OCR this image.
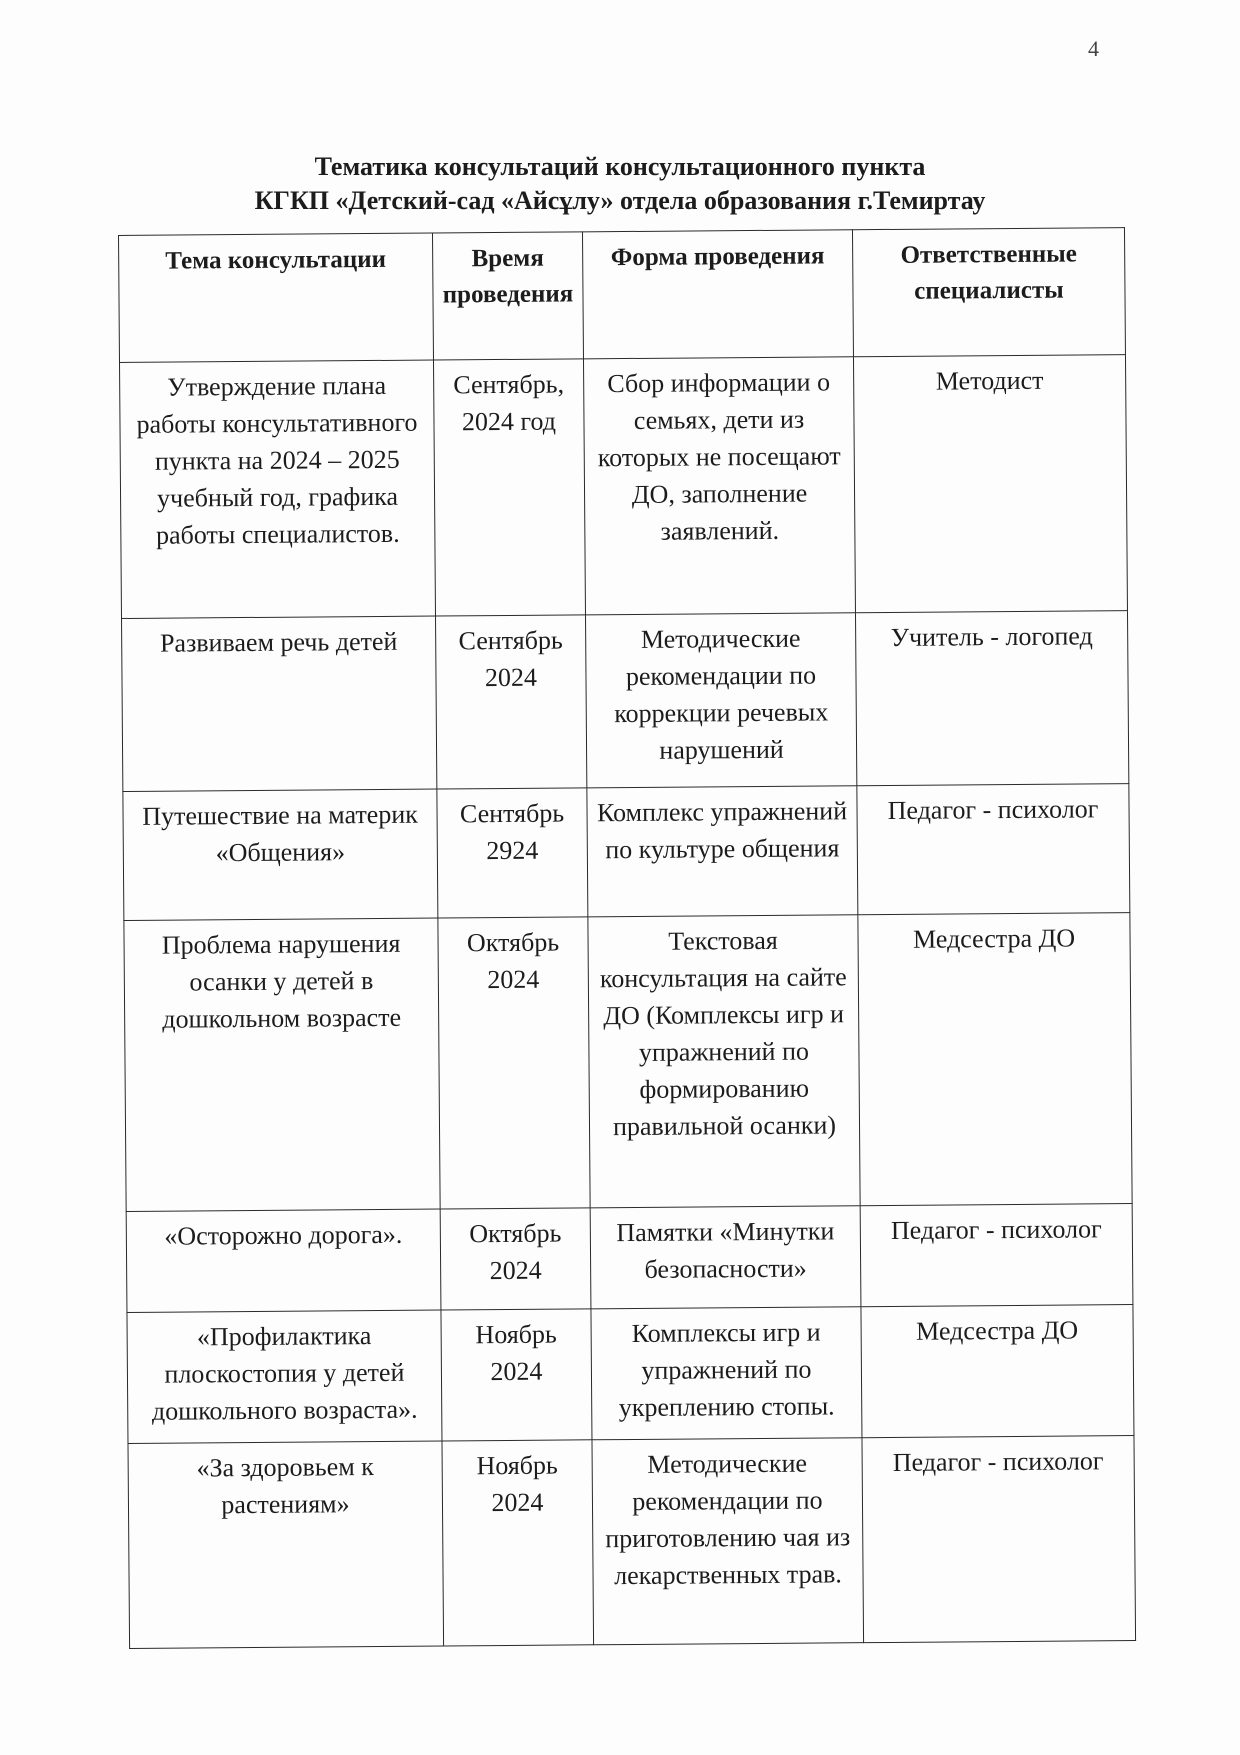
4
Тематика консультаций консультационного пункта
КГКП «Детский-сад «Айсұлу» отдела образования г.Темиртау
Тема консультации	Время проведения	Форма проведения	Ответственные специалисты
Утверждение плана работы консультативного пункта на 2024 – 2025 учебный год, графика работы специалистов.	Сентябрь, 2024 год	Сбор информации о семьях, дети из которых не посещают ДО, заполнение заявлений.	Методист
Развиваем речь детей	Сентябрь 2024	Методические рекомендации по коррекции речевых нарушений	Учитель - логопед
Путешествие на материк «Общения»	Сентябрь 2924	Комплекс упражнений по культуре общения	Педагог - психолог
Проблема нарушения осанки у детей в дошкольном возрасте	Октябрь 2024	Текстовая консультация на сайте ДО (Комплексы игр и упражнений по формированию правильной осанки)	Медсестра ДО
«Осторожно дорога».	Октябрь 2024	Памятки «Минутки безопасности»	Педагог - психолог
«Профилактика плоскостопия у детей дошкольного возраста».	Ноябрь 2024	Комплексы игр и упражнений по укреплению стопы.	Медсестра ДО
«За здоровьем к растениям»	Ноябрь 2024	Методические рекомендации по приготовлению чая из лекарственных трав.	Педагог - психолог
